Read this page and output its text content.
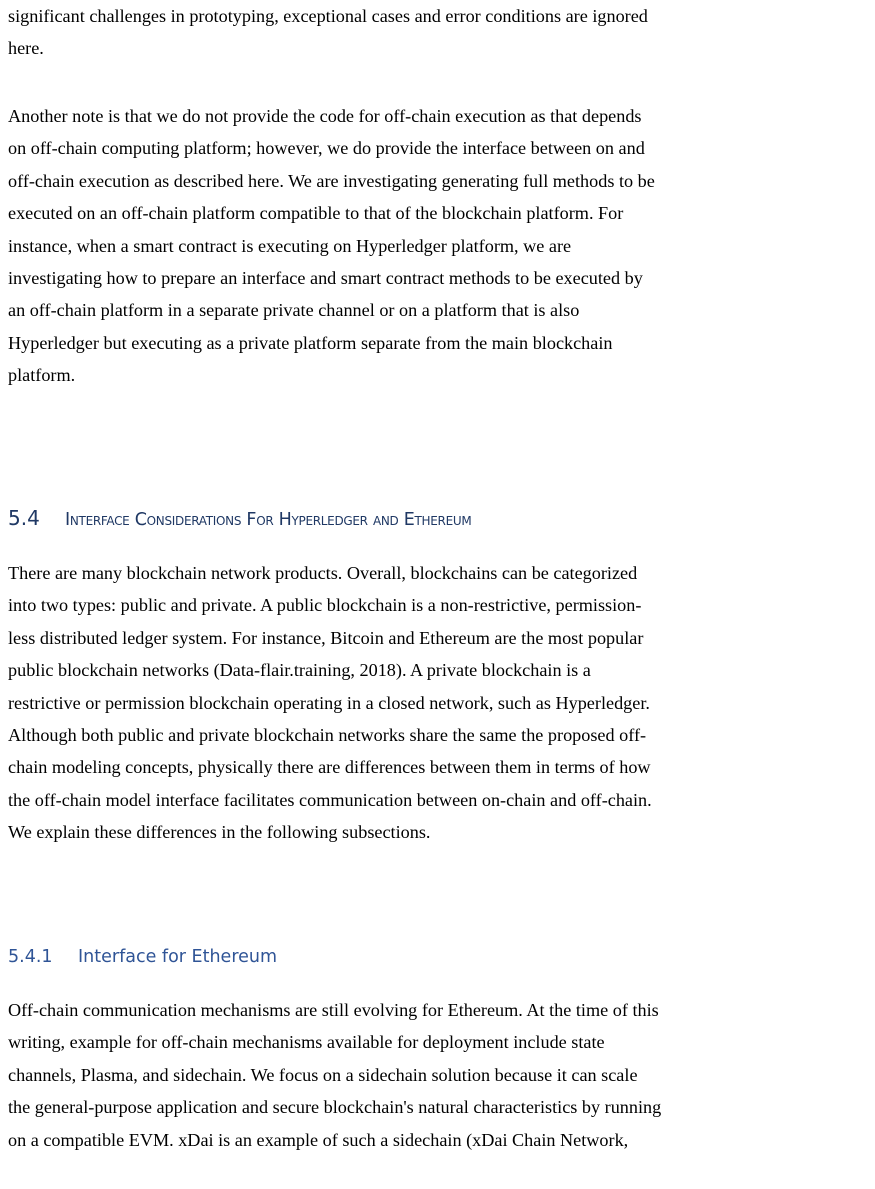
significant challenges in prototyping, exceptional cases and error conditions are ignored
here.
Another note is that we do not provide the code for off-chain execution as that depends
on off-chain computing platform; however, we do provide the interface between on and
off-chain execution as described here. We are investigating generating full methods to be
executed on an off-chain platform compatible to that of the blockchain platform. For
instance, when a smart contract is executing on Hyperledger platform, we are
investigating how to prepare an interface and smart contract methods to be executed by
an off-chain platform in a separate private channel or on a platform that is also
Hyperledger but executing as a private platform separate from the main blockchain
platform.
5.4 Interface Considerations For Hyperledger and Ethereum
There are many blockchain network products. Overall, blockchains can be categorized
into two types: public and private. A public blockchain is a non-restrictive, permission-
less distributed ledger system. For instance, Bitcoin and Ethereum are the most popular
public blockchain networks (Data-flair.training, 2018). A private blockchain is a
restrictive or permission blockchain operating in a closed network, such as Hyperledger.
Although both public and private blockchain networks share the same the proposed off-
chain modeling concepts, physically there are differences between them in terms of how
the off-chain model interface facilitates communication between on-chain and off-chain.
We explain these differences in the following subsections.
5.4.1 Interface for Ethereum
Off-chain communication mechanisms are still evolving for Ethereum. At the time of this
writing, example for off-chain mechanisms available for deployment include state
channels, Plasma, and sidechain. We focus on a sidechain solution because it can scale
the general-purpose application and secure blockchain's natural characteristics by running
on a compatible EVM. xDai is an example of such a sidechain (xDai Chain Network,
